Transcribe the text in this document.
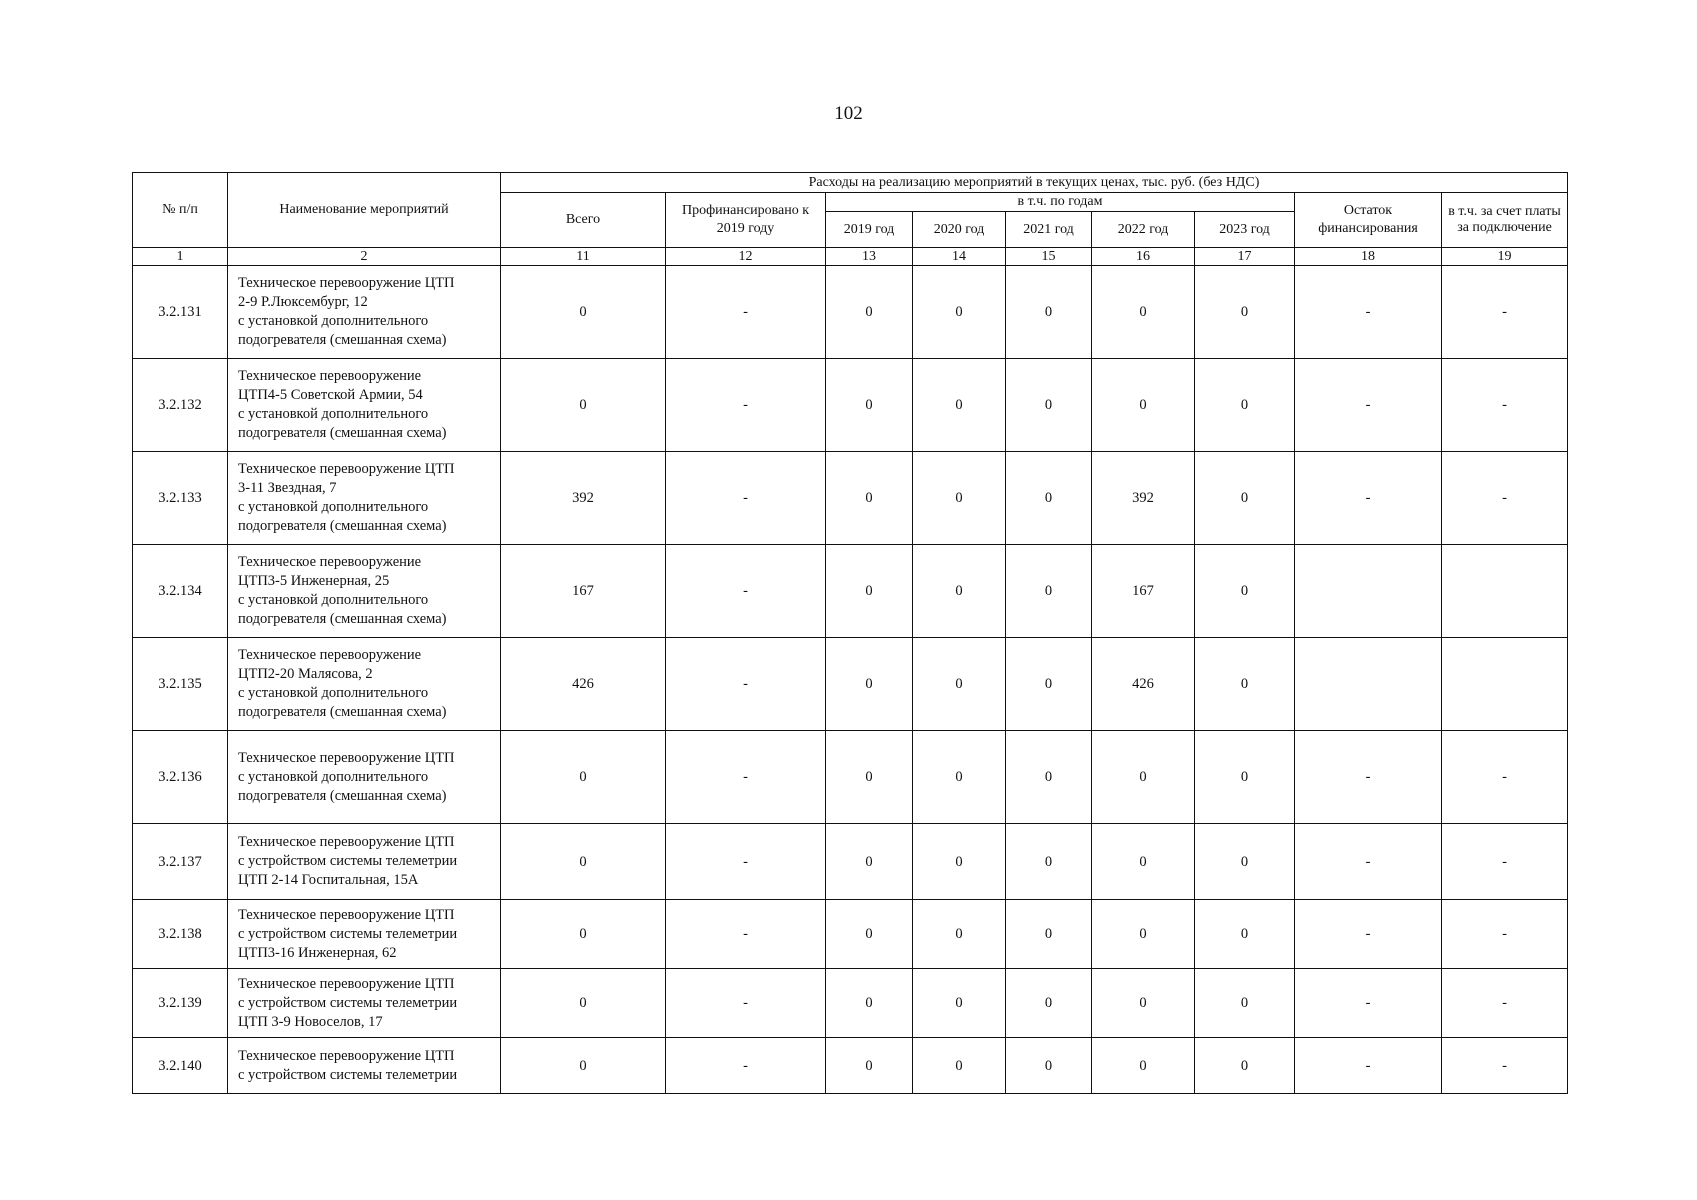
102
№ п/п	Наименование мероприятий	Расходы на реализацию мероприятий в текущих ценах, тыс. руб. (без НДС)								
		Всего	Профинансировано к 2019 году	в т.ч. по годам					Остаток финансирования	в т.ч. за счет платы за подключение
				2019 год	2020 год	2021 год	2022 год	2023 год		
1	2	11	12	13	14	15	16	17	18	19
3.2.131	Техническое перевооружение ЦТП
2-9 Р.Люксембург, 12
с установкой дополнительного
подогревателя (смешанная схема)	0	-	0	0	0	0	0	-	-
3.2.132	Техническое перевооружение
ЦТП4-5 Советской Армии, 54
с установкой дополнительного
подогревателя (смешанная схема)	0	-	0	0	0	0	0	-	-
3.2.133	Техническое перевооружение ЦТП
3-11 Звездная, 7
с установкой дополнительного
подогревателя (смешанная схема)	392	-	0	0	0	392	0	-	-
3.2.134	Техническое перевооружение
ЦТП3-5 Инженерная, 25
с установкой дополнительного
подогревателя (смешанная схема)	167	-	0	0	0	167	0		
3.2.135	Техническое перевооружение
ЦТП2-20 Малясова, 2
с установкой дополнительного
подогревателя (смешанная схема)	426	-	0	0	0	426	0		
3.2.136	Техническое перевооружение ЦТП
с установкой дополнительного
подогревателя (смешанная схема)	0	-	0	0	0	0	0	-	-
3.2.137	Техническое перевооружение ЦТП
с устройством системы телеметрии
ЦТП 2-14 Госпитальная, 15А	0	-	0	0	0	0	0	-	-
3.2.138	Техническое перевооружение ЦТП
с устройством системы телеметрии
ЦТП3-16 Инженерная, 62	0	-	0	0	0	0	0	-	-
3.2.139	Техническое перевооружение ЦТП
с устройством системы телеметрии
ЦТП 3-9 Новоселов, 17	0	-	0	0	0	0	0	-	-
3.2.140	Техническое перевооружение ЦТП
с устройством системы телеметрии	0	-	0	0	0	0	0	-	-
